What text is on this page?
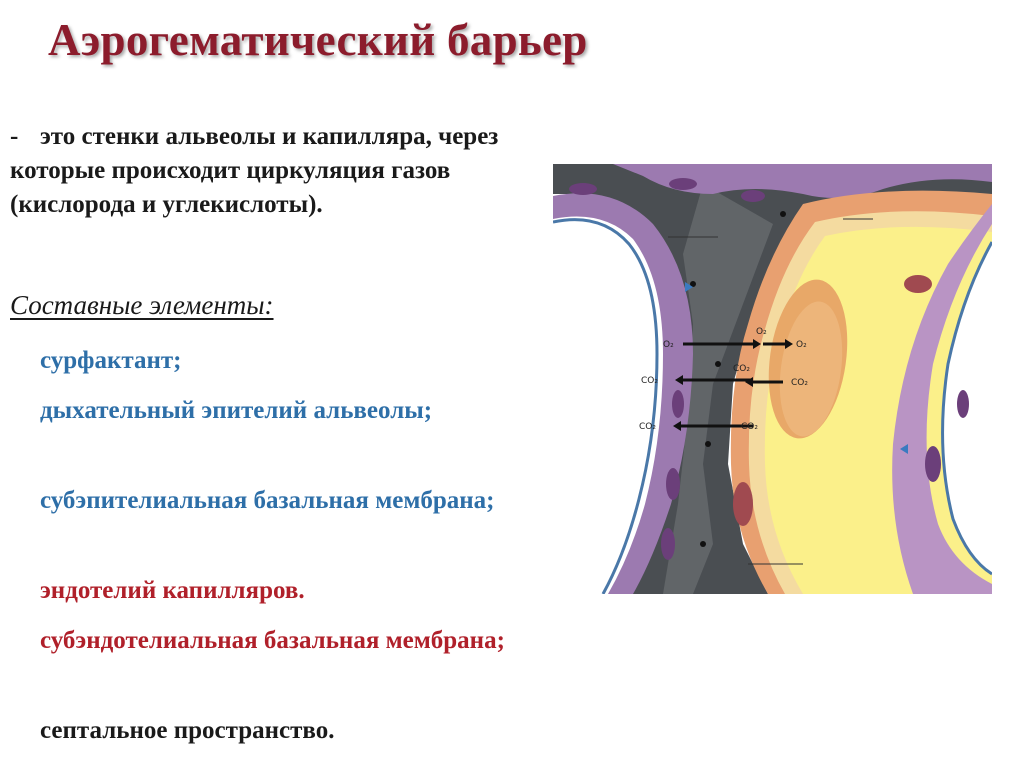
Аэрогематический барьер
- это стенки альвеолы и капилляра, через которые происходит циркуляция газов (кислорода и углекислоты).
Составные элементы:
сурфактант;
дыхательный эпителий альвеолы;
субэпителиальная базальная мембрана;
эндотелий капилляров.
субэндотелиальная базальная мембрана;
септальное пространство.
O₂
O₂
O₂
CO₂
CO₂
CO₂
CO₂	CO₂
